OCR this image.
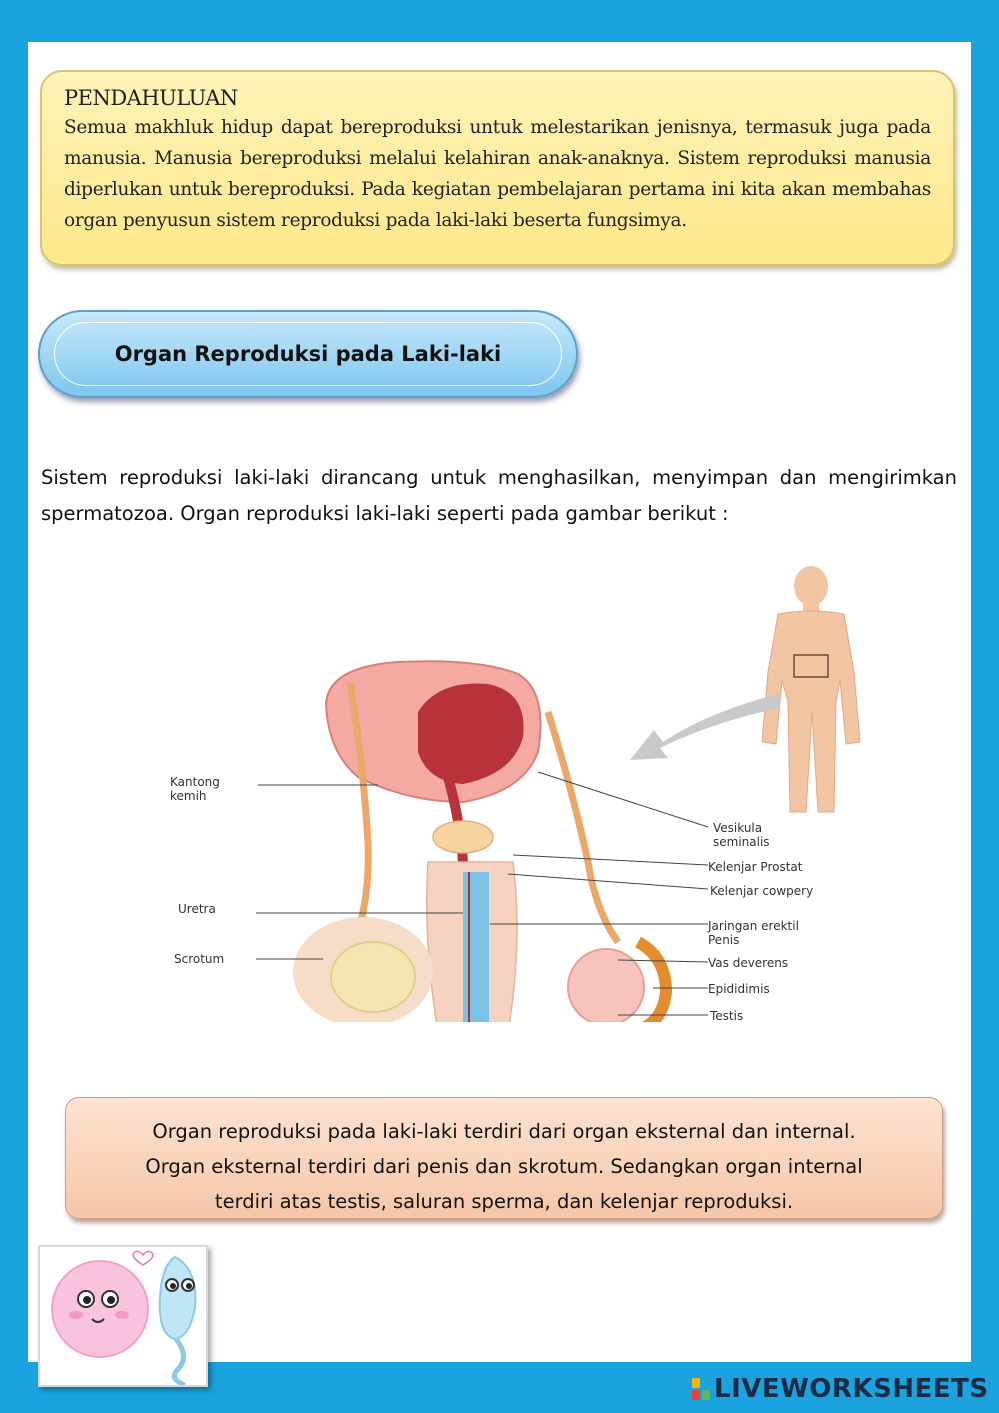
PENDAHULUAN

Semua makhluk hidup dapat bereproduksi untuk melestarikan jenisnya, termasuk juga pada manusia. Manusia bereproduksi melalui kelahiran anak-anaknya. Sistem reproduksi manusia diperlukan untuk bereproduksi. Pada kegiatan pembelajaran pertama ini kita akan membahas organ penyusun sistem reproduksi pada laki-laki beserta fungsimya.

Organ Reproduksi pada Laki-laki

Sistem reproduksi laki-laki dirancang untuk menghasilkan, menyimpan dan mengirimkan spermatozoa. Organ reproduksi laki-laki seperti pada gambar berikut :

Kantong
kemih
Uretra
Scrotum
Vesikula
seminalis
Kelenjar Prostat
Kelenjar cowpery
Jaringan erektil
Penis
Vas deverens
Epididimis
Testis
Organ reproduksi pada laki-laki terdiri dari organ eksternal dan internal.
Organ eksternal terdiri dari penis dan skrotum. Sedangkan organ internal
terdiri atas testis, saluran sperma, dan kelenjar reproduksi.
LIVEWORKSHEETS
